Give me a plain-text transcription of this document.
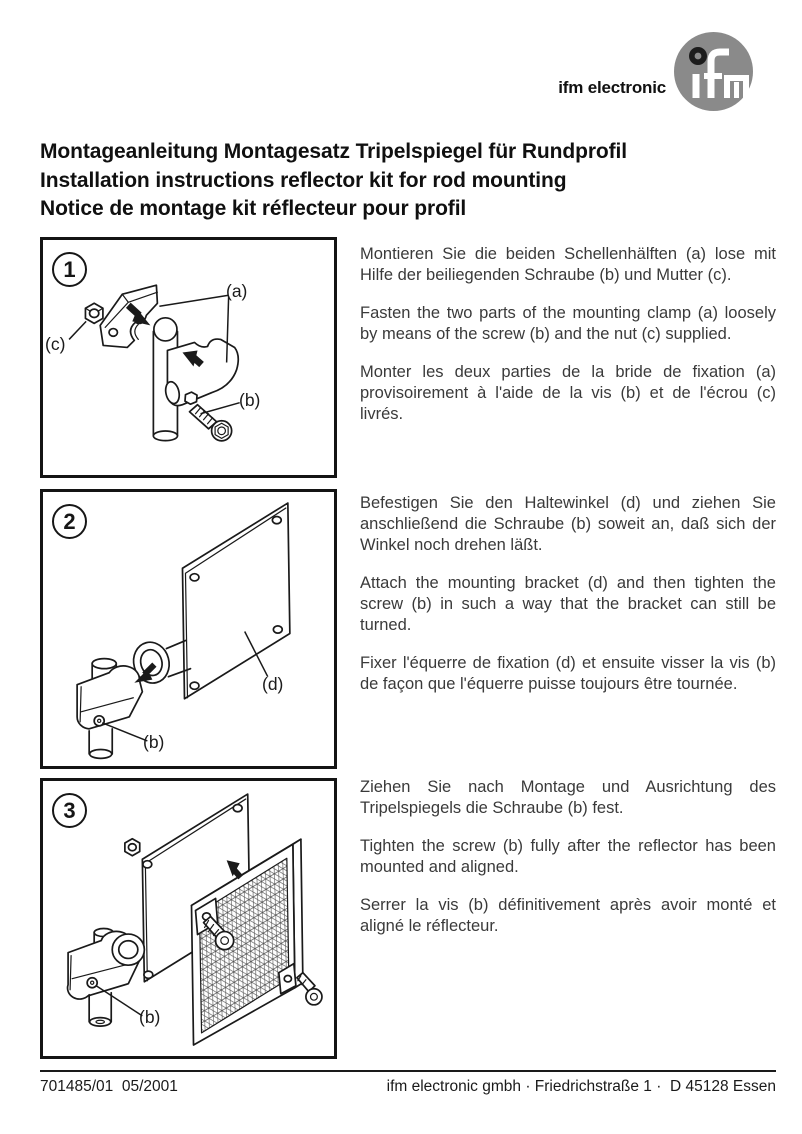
ifm electronic
Montageanleitung Montagesatz Tripelspiegel für Rundprofil
Installation instructions reflector kit for rod mounting
Notice de montage kit réflecteur pour profil
1
(a)
(c)
(b)

Montieren Sie die beiden Schellenhälften (a) lose mit Hilfe der beiliegenden Schraube (b) und Mutter (c).

Fasten the two parts of the mounting clamp (a) loosely by means of the screw (b) and the nut (c) supplied.

Monter les deux parties de la bride de fixation (a) provisoirement à l'aide de la vis (b) et de l'écrou (c) livrés.

2
(d)
(b)

Befestigen Sie den Haltewinkel (d) und ziehen Sie anschließend die Schraube (b) soweit an, daß sich der Winkel noch drehen läßt.

Attach the mounting bracket (d) and then tighten the screw (b) in such a way that the bracket can still be turned.

Fixer l'équerre de fixation (d) et ensuite visser la vis (b) de façon que l'équerre puisse toujours être tournée.

3
(b)

Ziehen Sie nach Montage und Ausrichtung des Tripelspiegels die Schraube (b) fest.

Tighten the screw (b) fully after the reflector has been mounted and aligned.

Serrer la vis (b) définitivement après avoir monté et aligné le réflecteur.

701485/01  05/2001	ifm electronic gmbh · Friedrichstraße 1 ·  D 45128 Essen
